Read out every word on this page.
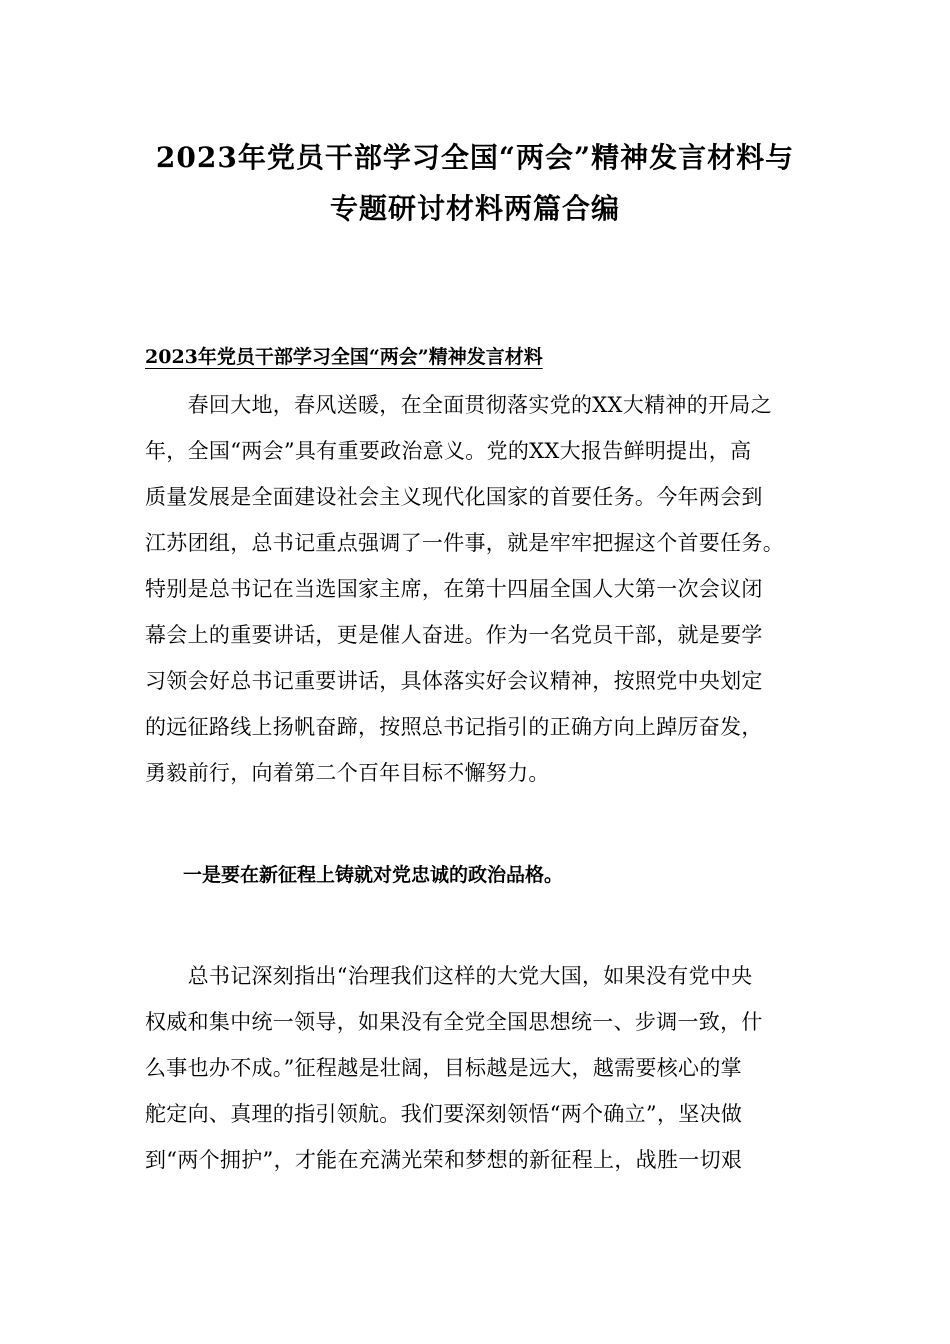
2023年党员干部学习全国“两会”精神发言材料与
专题研讨材料两篇合编
2023年党员干部学习全国“两会”精神发言材料
　　春回大地，春风送暖，在全面贯彻落实党的XX大精神的开局之
年，全国“两会”具有重要政治意义。党的XX大报告鲜明提出，高
质量发展是全面建设社会主义现代化国家的首要任务。今年两会到
江苏团组，总书记重点强调了一件事，就是牢牢把握这个首要任务。
特别是总书记在当选国家主席，在第十四届全国人大第一次会议闭
幕会上的重要讲话，更是催人奋进。作为一名党员干部，就是要学
习领会好总书记重要讲话，具体落实好会议精神，按照党中央划定
的远征路线上扬帆奋蹄，按照总书记指引的正确方向上踔厉奋发，
勇毅前行，向着第二个百年目标不懈努力。
一是要在新征程上铸就对党忠诚的政治品格。
　　总书记深刻指出“治理我们这样的大党大国，如果没有党中央
权威和集中统一领导，如果没有全党全国思想统一、步调一致，什
么事也办不成。”征程越是壮阔，目标越是远大，越需要核心的掌
舵定向、真理的指引领航。我们要深刻领悟“两个确立”，坚决做
到“两个拥护”，才能在充满光荣和梦想的新征程上，战胜一切艰
